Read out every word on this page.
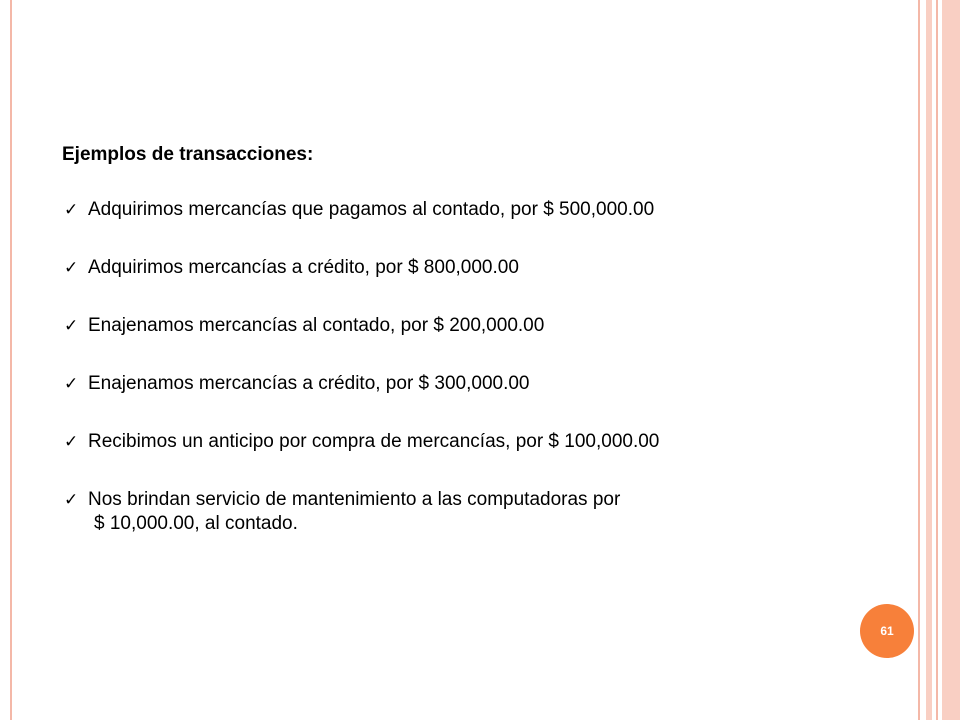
Ejemplos de transacciones:

✓ Adquirimos mercancías que pagamos al contado, por $ 500,000.00
✓ Adquirimos mercancías a crédito, por $ 800,000.00
✓ Enajenamos mercancías al contado, por $ 200,000.00
✓ Enajenamos mercancías a crédito, por $ 300,000.00
✓ Recibimos un anticipo por compra de mercancías, por $ 100,000.00
✓ Nos brindan servicio de mantenimiento a las computadoras por
$ 10,000.00, al contado.
61
